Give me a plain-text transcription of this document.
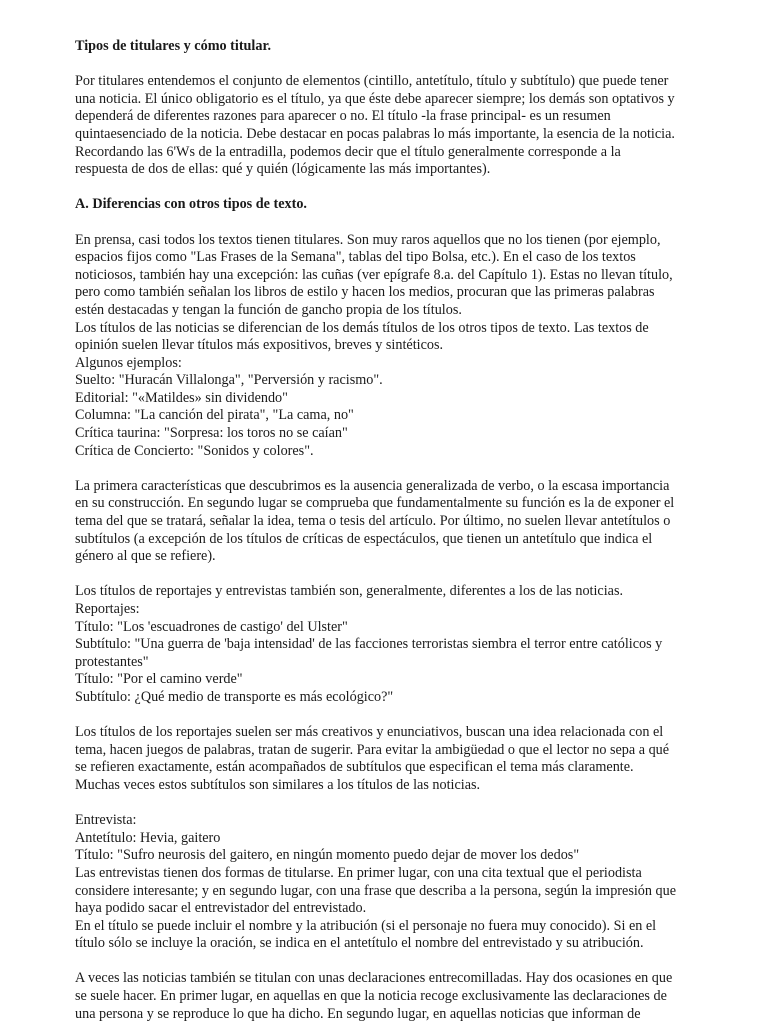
Tipos de titulares y cómo titular.

Por titulares entendemos el conjunto de elementos (cintillo, antetítulo, título y subtítulo) que puede tener
una noticia. El único obligatorio es el título, ya que éste debe aparecer siempre; los demás son optativos y
dependerá de diferentes razones para aparecer o no. El título -la frase principal- es un resumen
quintaesenciado de la noticia. Debe destacar en pocas palabras lo más importante, la esencia de la noticia.
Recordando las 6'Ws de la entradilla, podemos decir que el título generalmente corresponde a la
respuesta de dos de ellas: qué y quién (lógicamente las más importantes).

A. Diferencias con otros tipos de texto.

En prensa, casi todos los textos tienen titulares. Son muy raros aquellos que no los tienen (por ejemplo,
espacios fijos como "Las Frases de la Semana", tablas del tipo Bolsa, etc.). En el caso de los textos
noticiosos, también hay una excepción: las cuñas (ver epígrafe 8.a. del Capítulo 1). Estas no llevan título,
pero como también señalan los libros de estilo y hacen los medios, procuran que las primeras palabras
estén destacadas y tengan la función de gancho propia de los títulos.
Los títulos de las noticias se diferencian de los demás títulos de los otros tipos de texto. Las textos de
opinión suelen llevar títulos más expositivos, breves y sintéticos.
Algunos ejemplos:
Suelto: "Huracán Villalonga", "Perversión y racismo".
Editorial: "«Matildes» sin dividendo"
Columna: "La canción del pirata", "La cama, no"
Crítica taurina: "Sorpresa: los toros no se caían"
Crítica de Concierto: "Sonidos y colores".
La primera características que descubrimos es la ausencia generalizada de verbo, o la escasa importancia
en su construcción. En segundo lugar se comprueba que fundamentalmente su función es la de exponer el
tema del que se tratará, señalar la idea, tema o tesis del artículo. Por último, no suelen llevar antetítulos o
subtítulos (a excepción de los títulos de críticas de espectáculos, que tienen un antetítulo que indica el
género al que se refiere).
Los títulos de reportajes y entrevistas también son, generalmente, diferentes a los de las noticias.
Reportajes:
Título: "Los 'escuadrones de castigo' del Ulster"
Subtítulo: "Una guerra de 'baja intensidad' de las facciones terroristas siembra el terror entre católicos y
protestantes"
Título: "Por el camino verde"
Subtítulo: ¿Qué medio de transporte es más ecológico?"
Los títulos de los reportajes suelen ser más creativos y enunciativos, buscan una idea relacionada con el
tema, hacen juegos de palabras, tratan de sugerir. Para evitar la ambigüedad o que el lector no sepa a qué
se refieren exactamente, están acompañados de subtítulos que especifican el tema más claramente.
Muchas veces estos subtítulos son similares a los títulos de las noticias.
Entrevista:
Antetítulo: Hevia, gaitero
Título: "Sufro neurosis del gaitero, en ningún momento puedo dejar de mover los dedos"
Las entrevistas tienen dos formas de titularse. En primer lugar, con una cita textual que el periodista
considere interesante; y en segundo lugar, con una frase que describa a la persona, según la impresión que
haya podido sacar el entrevistador del entrevistado.
En el título se puede incluir el nombre y la atribución (si el personaje no fuera muy conocido). Si en el
título sólo se incluye la oración, se indica en el antetítulo el nombre del entrevistado y su atribución.
A veces las noticias también se titulan con unas declaraciones entrecomilladas. Hay dos ocasiones en que
se suele hacer. En primer lugar, en aquellas en que la noticia recoge exclusivamente las declaraciones de
una persona y se reproduce lo que ha dicho. En segundo lugar, en aquellas noticias que informan de
